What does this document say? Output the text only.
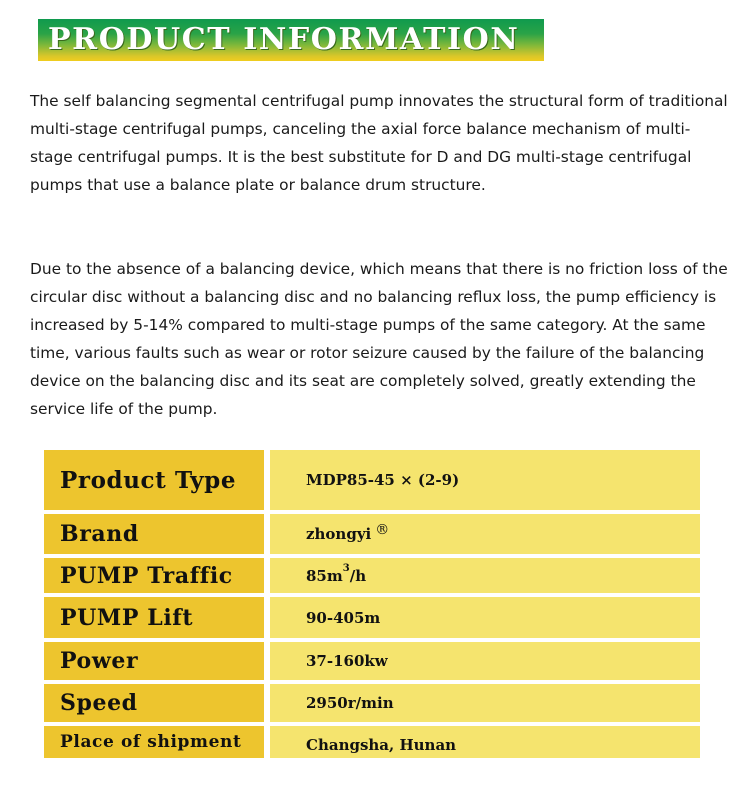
PRODUCT INFORMATION

The self balancing segmental centrifugal pump innovates the structural form of traditional multi-stage centrifugal pumps, canceling the axial force balance mechanism of multi-stage centrifugal pumps. It is the best substitute for D and DG multi-stage centrifugal pumps that use a balance plate or balance drum structure.

Due to the absence of a balancing device, which means that there is no friction loss of the circular disc without a balancing disc and no balancing reflux loss, the pump efficiency is increased by 5-14% compared to multi-stage pumps of the same category. At the same time, various faults such as wear or rotor seizure caused by the failure of the balancing device on the balancing disc and its seat are completely solved, greatly extending the service life of the pump.

Product Type	MDP85-45 × (2-9)
Brand	zhongyi ®
PUMP Traffic	85m 3 /h
PUMP Lift	90-405m
Power	37-160kw
Speed	2950r/min
Place of shipment	Changsha, Hunan
